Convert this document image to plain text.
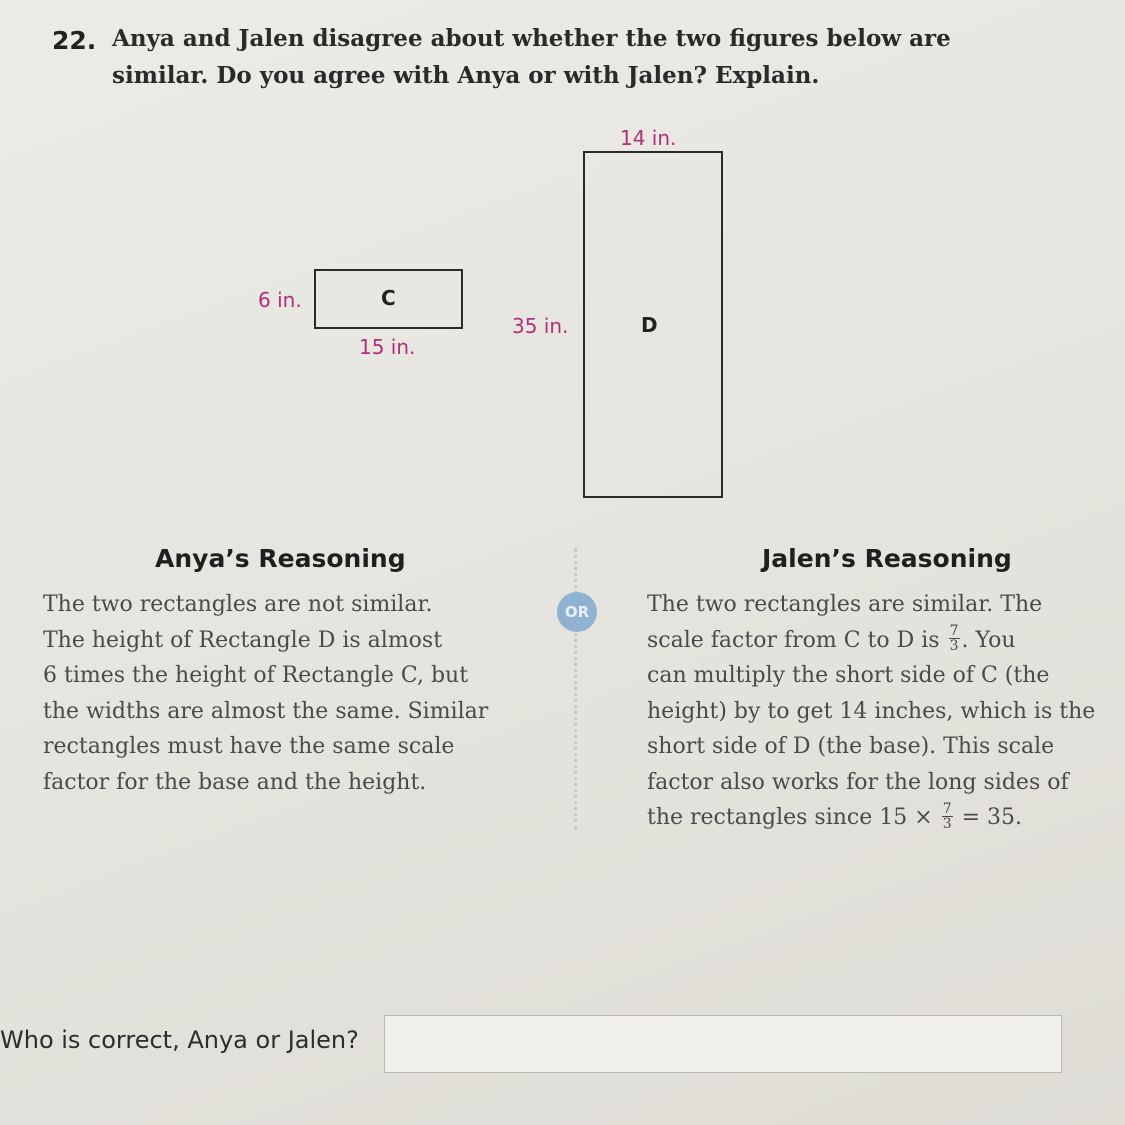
22. Anya and Jalen disagree about whether the two figures below are
similar. Do you agree with Anya or with Jalen? Explain.
6 in.	C
15 in.
14 in.
35 in.	D
Anya’s Reasoning
The two rectangles are not similar.
The height of Rectangle D is almost
6 times the height of Rectangle C, but
the widths are almost the same. Similar
rectangles must have the same scale
factor for the base and the height.
OR
Jalen’s Reasoning
The two rectangles are similar. The
scale factor from C to D is $\frac{7}{3}$ . You
can multiply the short side of C (the
height) by to get 14 inches, which is the
short side of D (the base). This scale
factor also works for the long sides of
the rectangles since $15 \times \frac{7}{3} = 35$.
Who is correct, Anya or Jalen?
